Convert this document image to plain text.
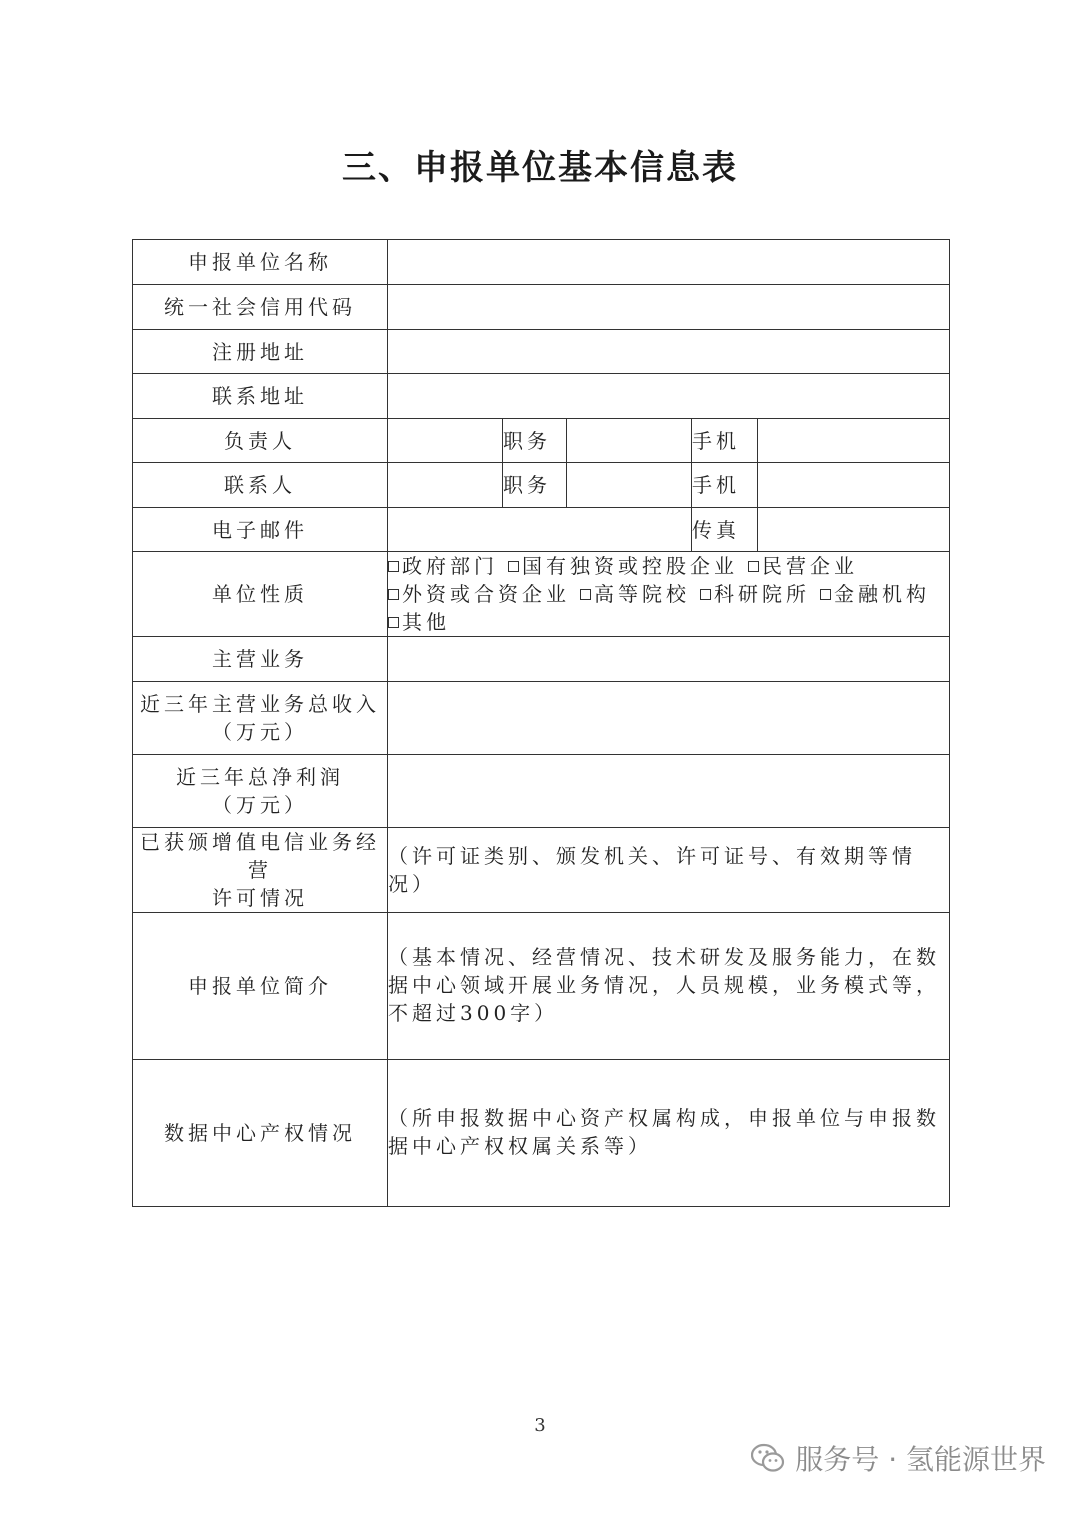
三、申报单位基本信息表
申报单位名称					
统一社会信用代码					
注册地址					
联系地址					
负责人		职务		手机	
联系人		职务		手机	
电子邮件				传真	
单位性质	政府部门 国有独资或控股企业 民营企业外资或合资企业 高等院校 科研院所 金融机构其他				
主营业务					

近三年主营业务总收入
（万元）					

近三年总净利润
（万元）					

已获颁增值电信业务经营
许可情况	（许可证类别、颁发机关、许可证号、有效期等情况）				
申报单位简介	（基本情况、经营情况、技术研发及服务能力，在数据中心领域开展业务情况，人员规模，业务模式等，不超过300字）				
数据中心产权情况	（所申报数据中心资产权属构成，申报单位与申报数据中心产权权属关系等）				
3
服务号 · 氢能源世界
